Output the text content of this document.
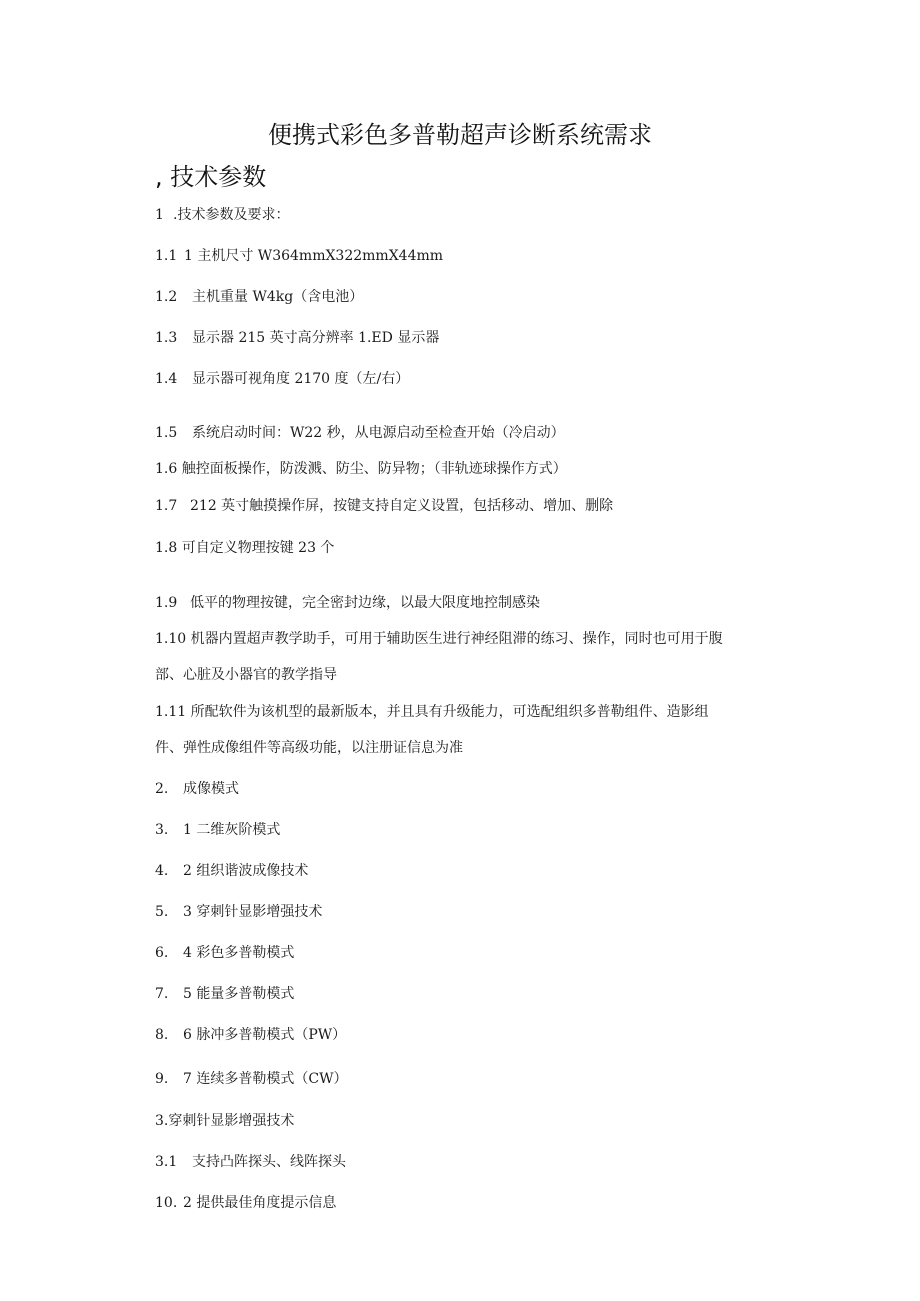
便携式彩色多普勒超声诊断系统需求
, 技术参数

1 .技术参数及要求：

1.1 1 主机尺寸 W364mmX322mmX44mm

1.2 主机重量 W4kg（含电池）

1.3 显示器 215 英寸高分辨率 1.ED 显示器

1.4 显示器可视角度 2170 度（左/右）

1.5 系统启动时间：W22 秒，从电源启动至检查开始（冷启动）

1.6 触控面板操作，防泼溅、防尘、防异物；（非轨迹球操作方式）

1.7 212 英寸触摸操作屏，按键支持自定义设置，包括移动、增加、删除

1.8 可自定义物理按键 23 个

1.9 低平的物理按键，完全密封边缘，以最大限度地控制感染

1.10 机器内置超声教学助手，可用于辅助医生进行神经阻滞的练习、操作，同时也可用于腹

部、心脏及小器官的教学指导

1.11 所配软件为该机型的最新版本，并且具有升级能力，可选配组织多普勒组件、造影组

件、弹性成像组件等高级功能，以注册证信息为准

2. 成像模式

3. 1 二维灰阶模式

4. 2 组织谐波成像技术

5. 3 穿刺针显影增强技术

6. 4 彩色多普勒模式

7. 5 能量多普勒模式

8. 6 脉冲多普勒模式（PW）

9. 7 连续多普勒模式（CW）

3.穿刺针显影增强技术

3.1 支持凸阵探头、线阵探头

10. 2 提供最佳角度提示信息
